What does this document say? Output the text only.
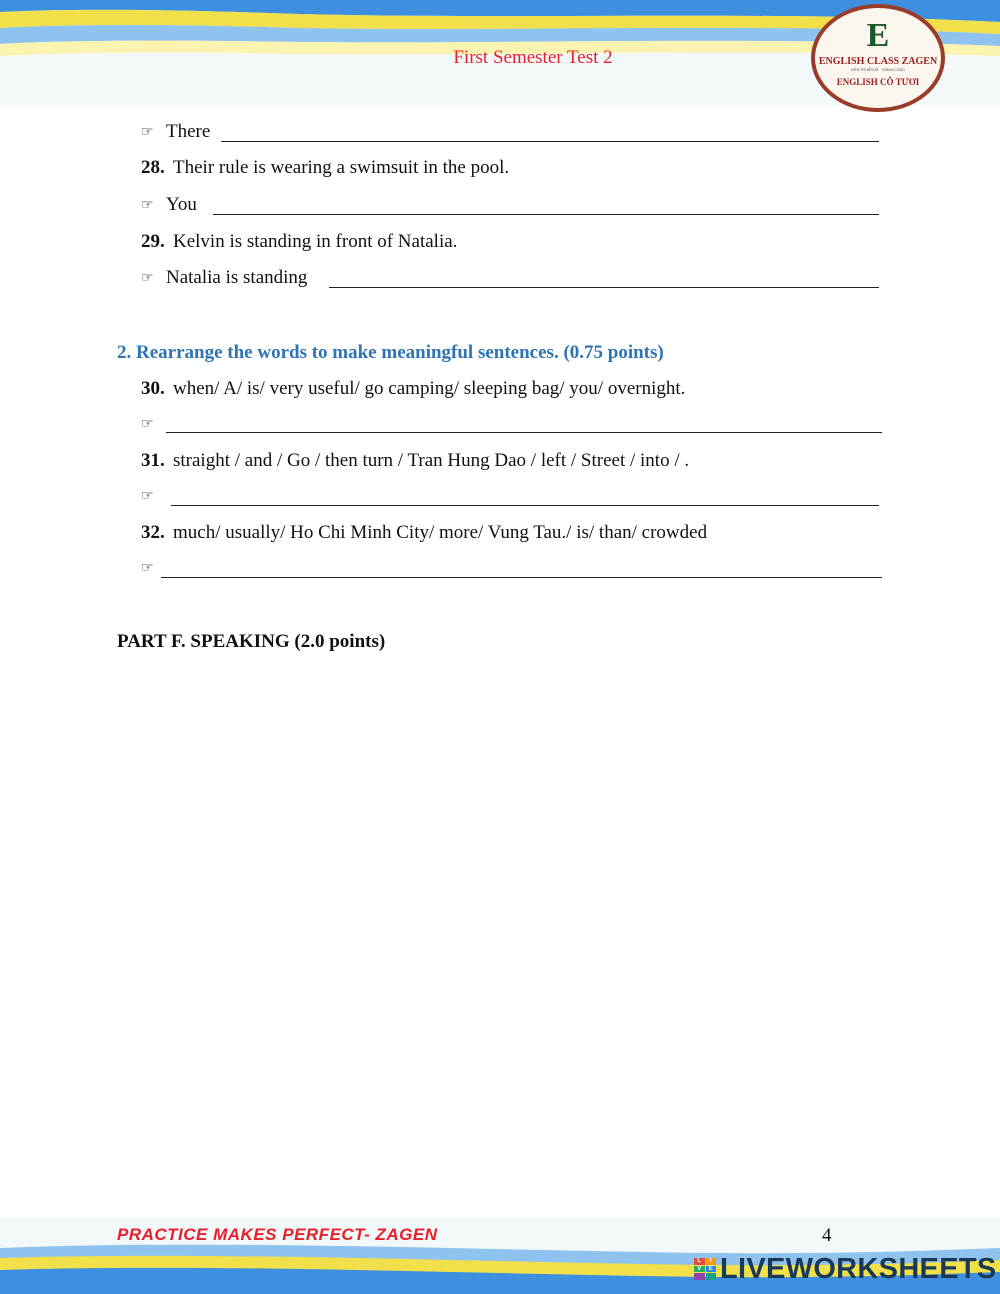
First Semester Test 2
E
ENGLISH CLASS ZAGEN
KIÊN TRÌ BỀN BỈ - THÀNH CÔNG
ENGLISH CÔ TƯƠI
☞ There
28. Their rule is wearing a swimsuit in the pool.
☞ You
29. Kelvin is standing in front of Natalia.
☞ Natalia is standing
2. Rearrange the words to make meaningful sentences. (0.75 points)
30. when/ A/ is/ very useful/ go camping/ sleeping bag/ you/ overnight.
☞
31. straight / and / Go / then turn / Tran Hung Dao / left / Street / into / .
☞
32. much/ usually/ Ho Chi Minh City/ more/ Vung Tau./ is/ than/ crowded
☞
PART F. SPEAKING (2.0 points)
PRACTICE MAKES PERFECT- ZAGEN	4
L	I
V	E LIVEWORKSHEETS
